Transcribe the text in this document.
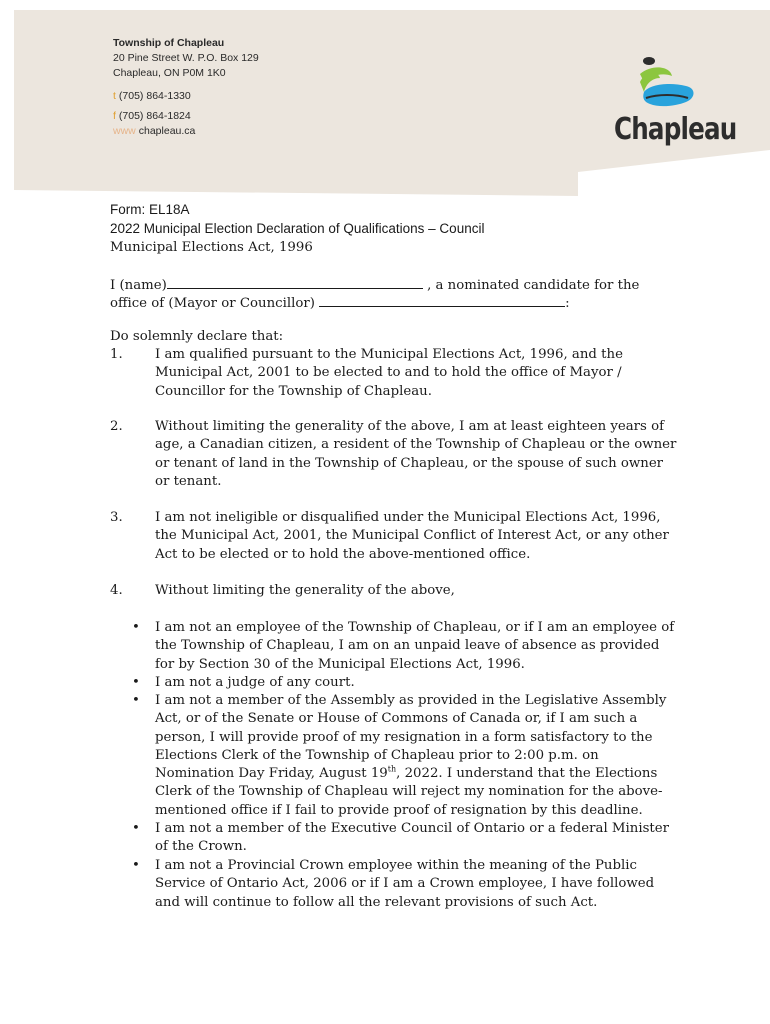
Township of Chapleau
20 Pine Street W. P.O. Box 129
Chapleau, ON P0M 1K0
t (705) 864-1330
f (705) 864-1824
www chapleau.ca	Chapleau
Form: EL18A
2022 Municipal Election Declaration of Qualifications – Council
Municipal Elections Act, 1996
I (name)	, a nominated candidate for the
office of (Mayor or Councillor)	:
Do solemnly declare that:
1. I am qualified pursuant to the Municipal Elections Act, 1996, and the Municipal Act, 2001 to be elected to and to hold the office of Mayor / Councillor for the Township of Chapleau.
2. Without limiting the generality of the above, I am at least eighteen years of age, a Canadian citizen, a resident of the Township of Chapleau or the owner or tenant of land in the Township of Chapleau, or the spouse of such owner or tenant.
3. I am not ineligible or disqualified under the Municipal Elections Act, 1996, the Municipal Act, 2001, the Municipal Conflict of Interest Act, or any other Act to be elected or to hold the above-mentioned office.
4. Without limiting the generality of the above,
• I am not an employee of the Township of Chapleau, or if I am an employee of the Township of Chapleau, I am on an unpaid leave of absence as provided for by Section 30 of the Municipal Elections Act, 1996.
• I am not a judge of any court.
• I am not a member of the Assembly as provided in the Legislative Assembly Act, or of the Senate or House of Commons of Canada or, if I am such a person, I will provide proof of my resignation in a form satisfactory to the Elections Clerk of the Township of Chapleau prior to 2:00 p.m. on Nomination Day Friday, August 19th, 2022. I understand that the Elections Clerk of the Township of Chapleau will reject my nomination for the above-mentioned office if I fail to provide proof of resignation by this deadline.
• I am not a member of the Executive Council of Ontario or a federal Minister of the Crown.
• I am not a Provincial Crown employee within the meaning of the Public Service of Ontario Act, 2006 or if I am a Crown employee, I have followed and will continue to follow all the relevant provisions of such Act.
